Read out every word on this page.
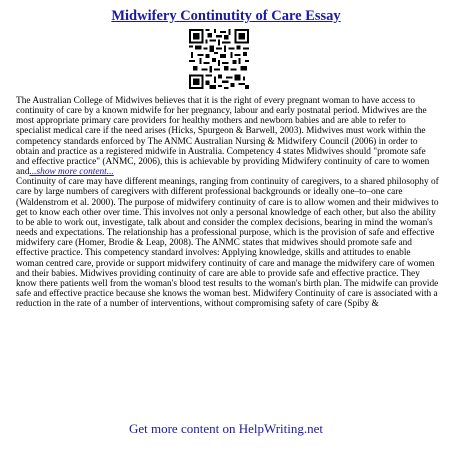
Midwifery Continutity of Care Essay

The Australian College of Midwives believes that it is the right of every pregnant woman to have access to continuity of care by a known midwife for her pregnancy, labour and early postnatal period. Midwives are the most appropriate primary care providers for healthy mothers and newborn babies and are able to refer to specialist medical care if the need arises (Hicks, Spurgeon & Barwell, 2003). Midwives must work within the competency standards enforced by The ANMC Australian Nursing & Midwifery Council (2006) in order to obtain and practice as a registered midwife in Australia. Competency 4 states Midwives should "promote safe and effective practice" (ANMC, 2006), this is achievable by providing Midwifery continuity of care to women and...show more content...

Continuity of care may have different meanings, ranging from continuity of caregivers, to a shared philosophy of care by large numbers of caregivers with different professional backgrounds or ideally one–to–one care (Waldenstrom et al. 2000). The purpose of midwifery continuity of care is to allow women and their midwives to get to know each other over time. This involves not only a personal knowledge of each other, but also the ability to be able to work out, investigate, talk about and consider the complex decisions, bearing in mind the woman's needs and expectations. The relationship has a professional purpose, which is the provision of safe and effective midwifery care (Homer, Brodie & Leap, 2008). The ANMC states that midwives should promote safe and effective practice. This competency standard involves: Applying knowledge, skills and attitudes to enable woman centred care, provide or support midwifery continuity of care and manage the midwifery care of women and their babies. Midwives providing continuity of care are able to provide safe and effective practice. They know there patients well from the woman's blood test results to the woman's birth plan. The midwife can provide safe and effective practice because she knows the woman best. Midwifery Continuity of care is associated with a reduction in the rate of a number of interventions, without compromising safety of care (Spiby &

Get more content on HelpWriting.net
